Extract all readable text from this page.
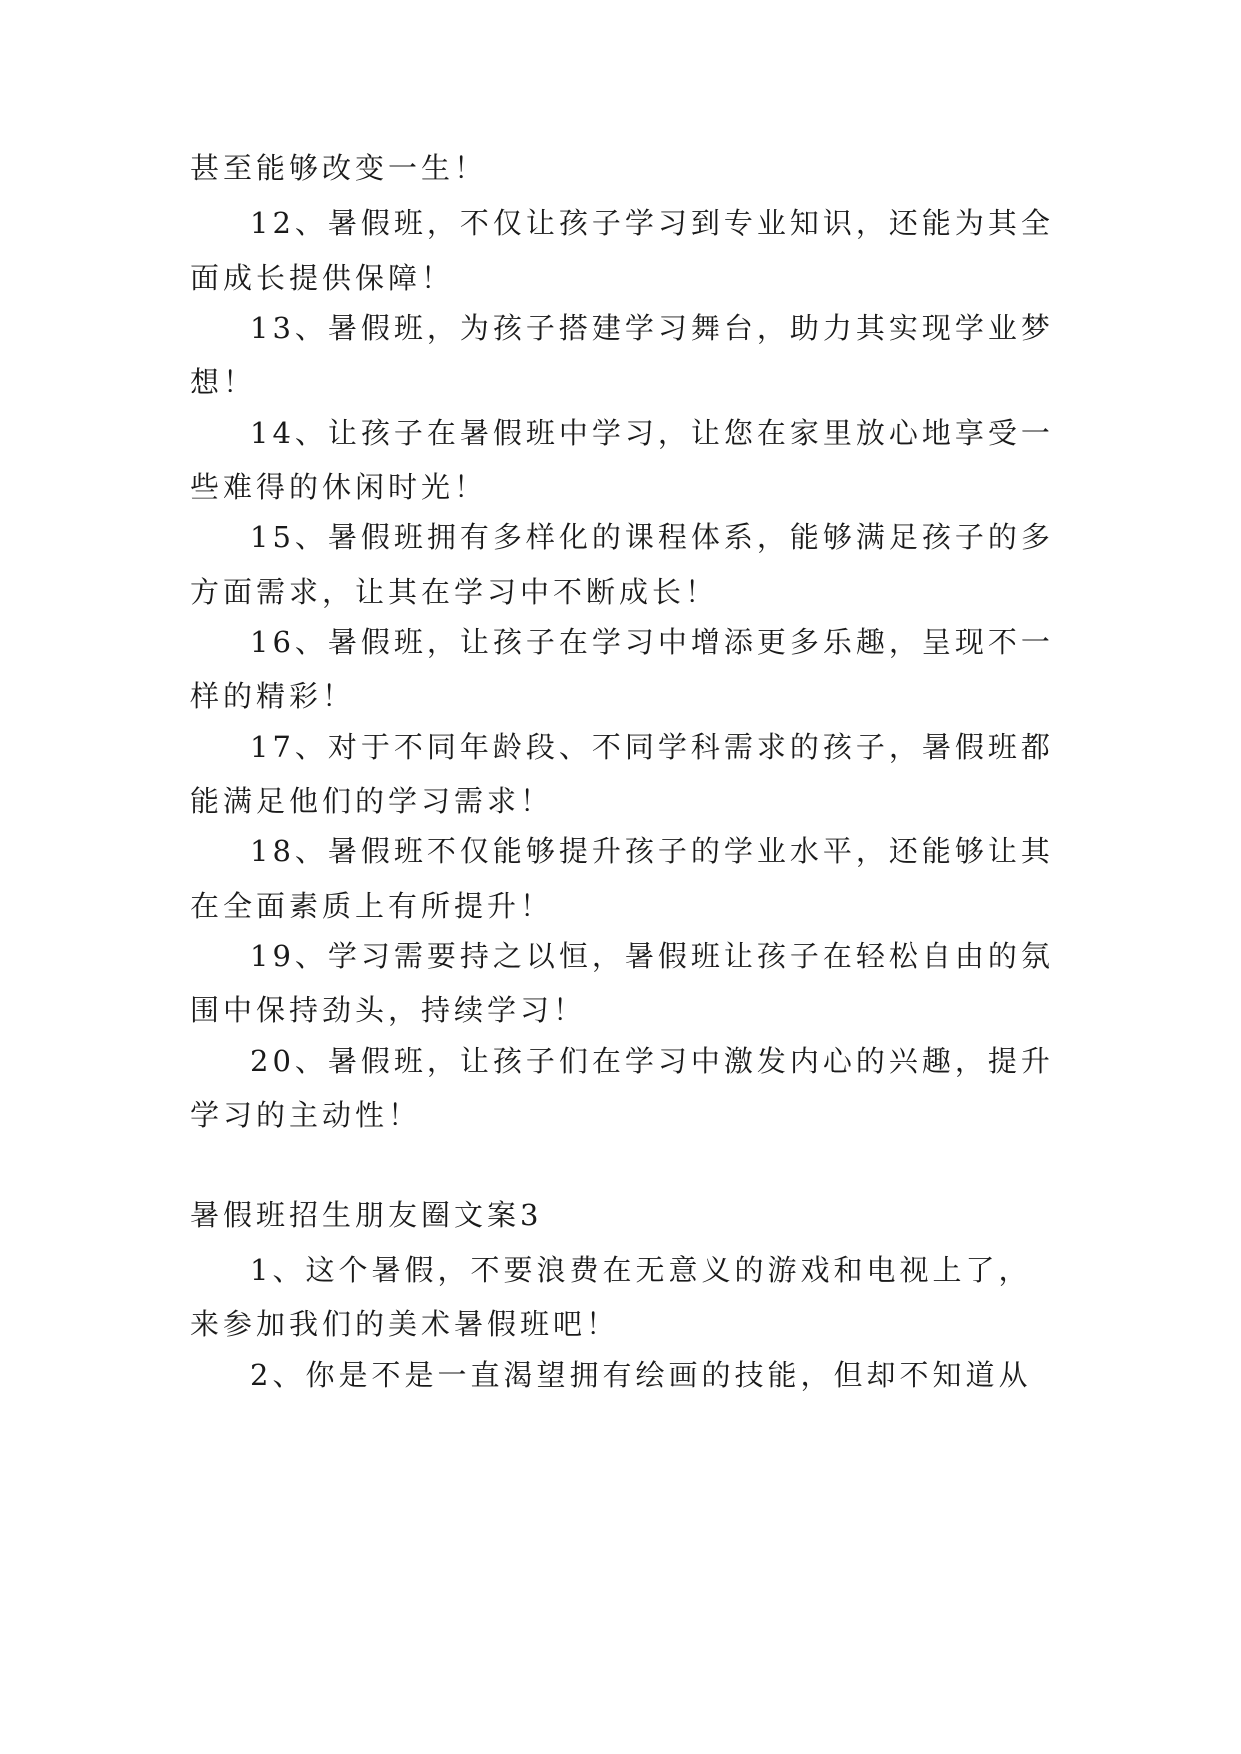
甚至能够改变一生！
12、暑假班，不仅让孩子学习到专业知识，还能为其全
面成长提供保障！
13、暑假班，为孩子搭建学习舞台，助力其实现学业梦
想！
14、让孩子在暑假班中学习，让您在家里放心地享受一
些难得的休闲时光！
15、暑假班拥有多样化的课程体系，能够满足孩子的多
方面需求，让其在学习中不断成长！
16、暑假班，让孩子在学习中增添更多乐趣，呈现不一
样的精彩！
17、对于不同年龄段、不同学科需求的孩子，暑假班都
能满足他们的学习需求！
18、暑假班不仅能够提升孩子的学业水平，还能够让其
在全面素质上有所提升！
19、学习需要持之以恒，暑假班让孩子在轻松自由的氛
围中保持劲头，持续学习！
20、暑假班，让孩子们在学习中激发内心的兴趣，提升
学习的主动性！
暑假班招生朋友圈文案3
1、这个暑假，不要浪费在无意义的游戏和电视上了，
来参加我们的美术暑假班吧！
2、你是不是一直渴望拥有绘画的技能，但却不知道从
